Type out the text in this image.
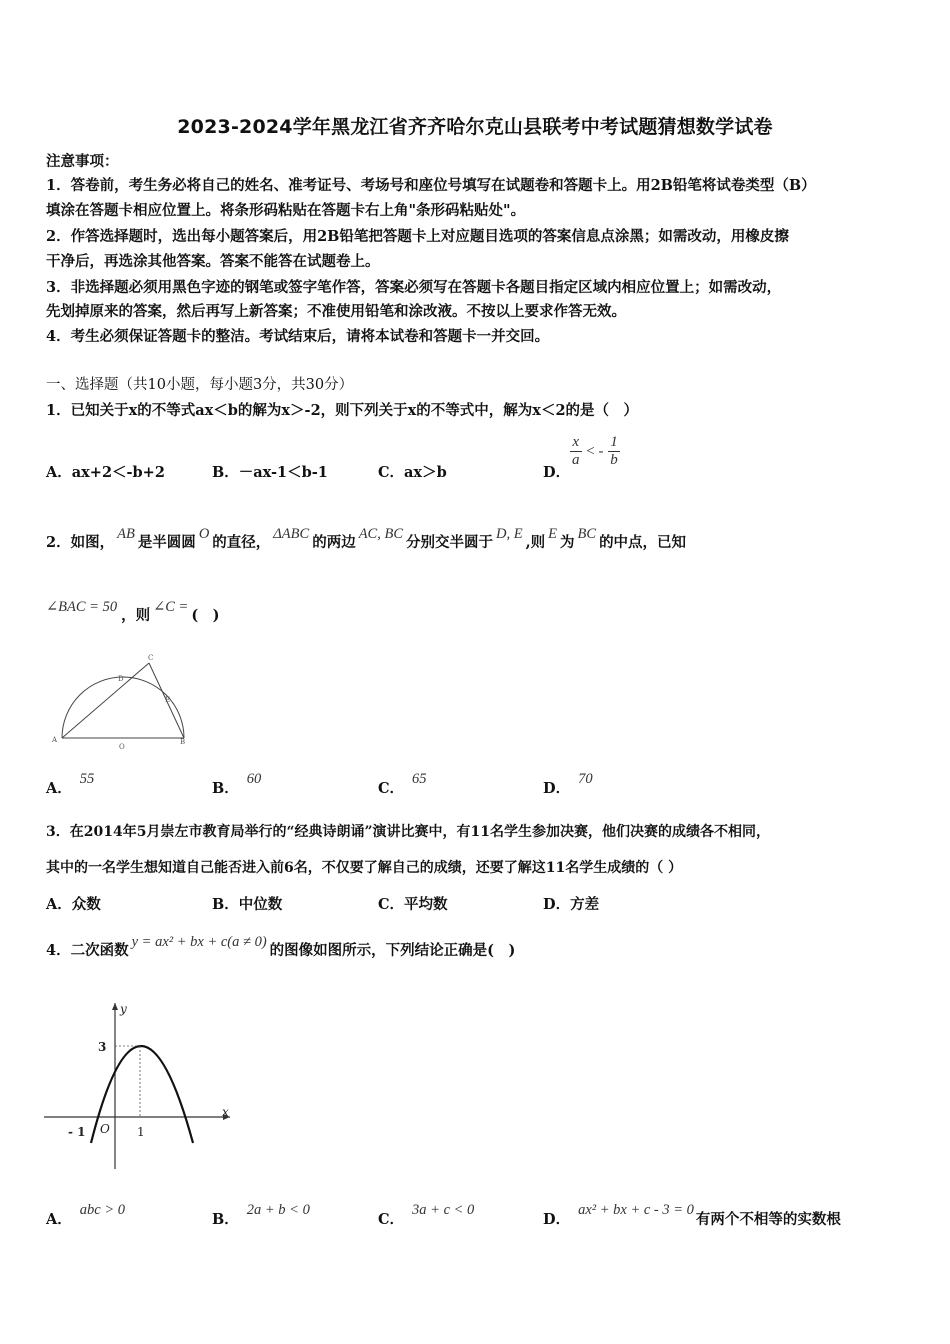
2023-2024学年黑龙江省齐齐哈尔克山县联考中考试题猜想数学试卷
注意事项：
1．答卷前，考生务必将自己的姓名、准考证号、考场号和座位号填写在试题卷和答题卡上。用2B铅笔将试卷类型（B）
填涂在答题卡相应位置上。将条形码粘贴在答题卡右上角"条形码粘贴处"。
2．作答选择题时，选出每小题答案后，用2B铅笔把答题卡上对应题目选项的答案信息点涂黑；如需改动，用橡皮擦
干净后，再选涂其他答案。答案不能答在试题卷上。
3．非选择题必须用黑色字迹的钢笔或签字笔作答，答案必须写在答题卡各题目指定区域内相应位置上；如需改动，
先划掉原来的答案，然后再写上新答案；不准使用铅笔和涂改液。不按以上要求作答无效。
4．考生必须保证答题卡的整洁。考试结束后，请将本试卷和答题卡一并交回。
一、选择题（共10小题，每小题3分，共30分）
1．已知关于x的不等式ax＜b的解为x＞-2，则下列关于x的不等式中，解为x＜2的是（　）
A．ax+2＜-b+2	B．－ax-1＜b-1	C．ax＞b	D．
$\frac{x}{a}$ < - $\frac{1}{b}$
2．如图， AB 是半圆圆 O 的直径， ΔABC 的两边 AC, BC 分别交半圆于 D, E ,则 E 为 BC 的中点，已知
∠BAC = 50 ，则 ∠C = (　)
C
D
E
A
O
B
A．55
B．60
C．65
D．70
3．在2014年5月崇左市教育局举行的“经典诗朗诵”演讲比赛中，有11名学生参加决赛，他们决赛的成绩各不相同，
其中的一名学生想知道自己能否进入前6名，不仅要了解自己的成绩，还要了解这11名学生成绩的（ ）
A．众数	B．中位数	C．平均数	D．方差
4．二次函数 y = ax² + bx + c(a ≠ 0) 的图像如图所示，下列结论正确是(　)
y
3
x
- 1 O 1
A．abc > 0
B．2a + b < 0
C．3a + c < 0
D．ax² + bx + c - 3 = 0有两个不相等的实数根
